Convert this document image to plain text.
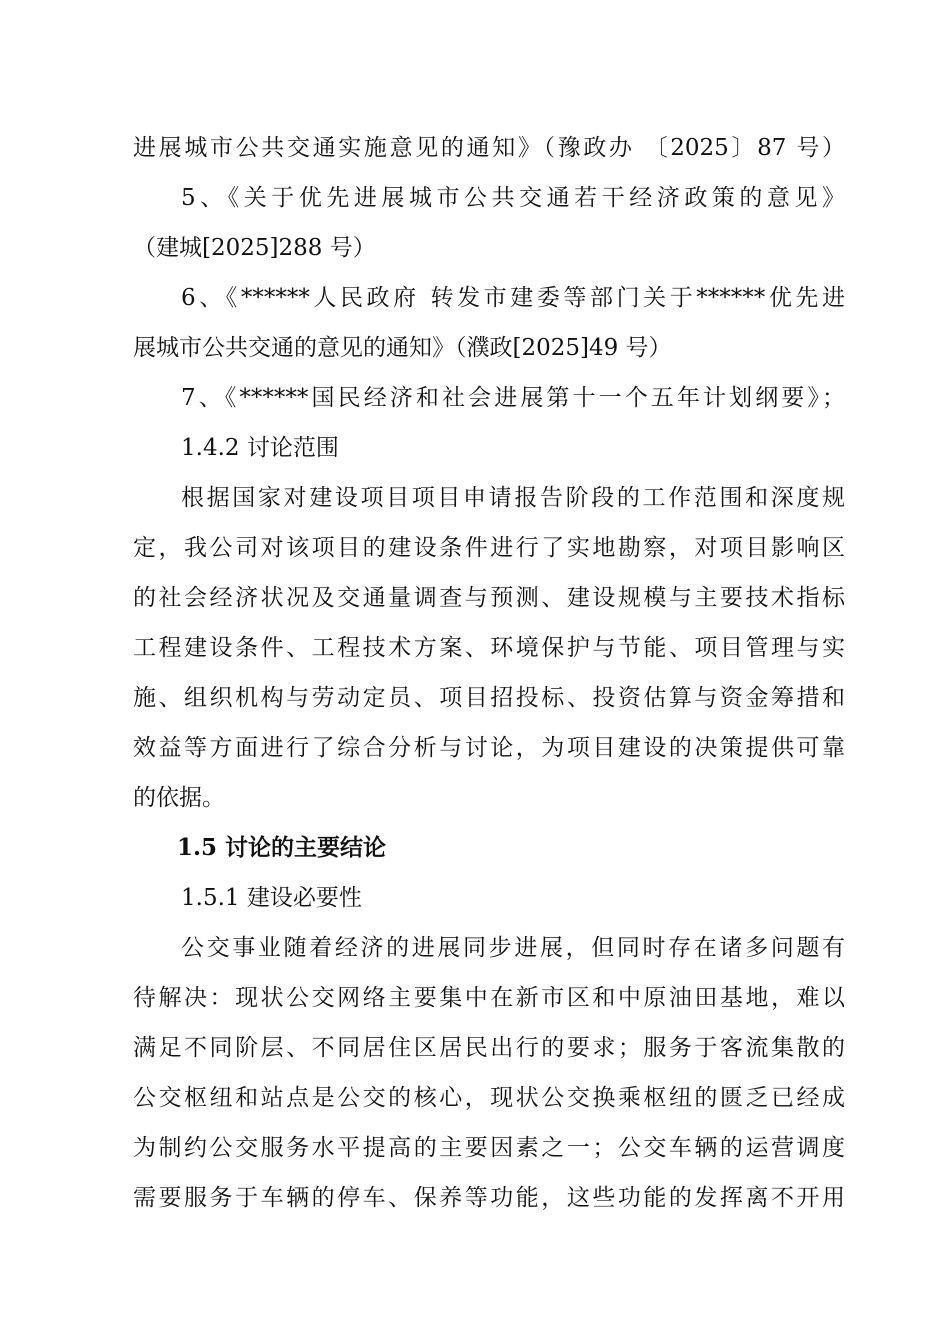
进展城市公共交通实施意见的通知》（豫政办 〔2025〕87 号）
5、《关于优先进展城市公共交通若干经济政策的意见》
（建城[2025]288 号）
6、《******人民政府 转发市建委等部门关于******优先进
展城市公共交通的意见的通知》（濮政[2025]49 号）
7、《******国民经济和社会进展第十一个五年计划纲要》；
1.4.2 讨论范围
根据国家对建设项目项目申请报告阶段的工作范围和深度规
定，我公司对该项目的建设条件进行了实地勘察，对项目影响区
的社会经济状况及交通量调查与预测、建设规模与主要技术指标
工程建设条件、工程技术方案、环境保护与节能、项目管理与实
施、组织机构与劳动定员、项目招投标、投资估算与资金筹措和
效益等方面进行了综合分析与讨论，为项目建设的决策提供可靠
的依据。
1.5 讨论的主要结论
1.5.1 建设必要性
公交事业随着经济的进展同步进展，但同时存在诸多问题有
待解决：现状公交网络主要集中在新市区和中原油田基地，难以
满足不同阶层、不同居住区居民出行的要求；服务于客流集散的
公交枢纽和站点是公交的核心，现状公交换乘枢纽的匮乏已经成
为制约公交服务水平提高的主要因素之一；公交车辆的运营调度
需要服务于车辆的停车、保养等功能，这些功能的发挥离不开用
